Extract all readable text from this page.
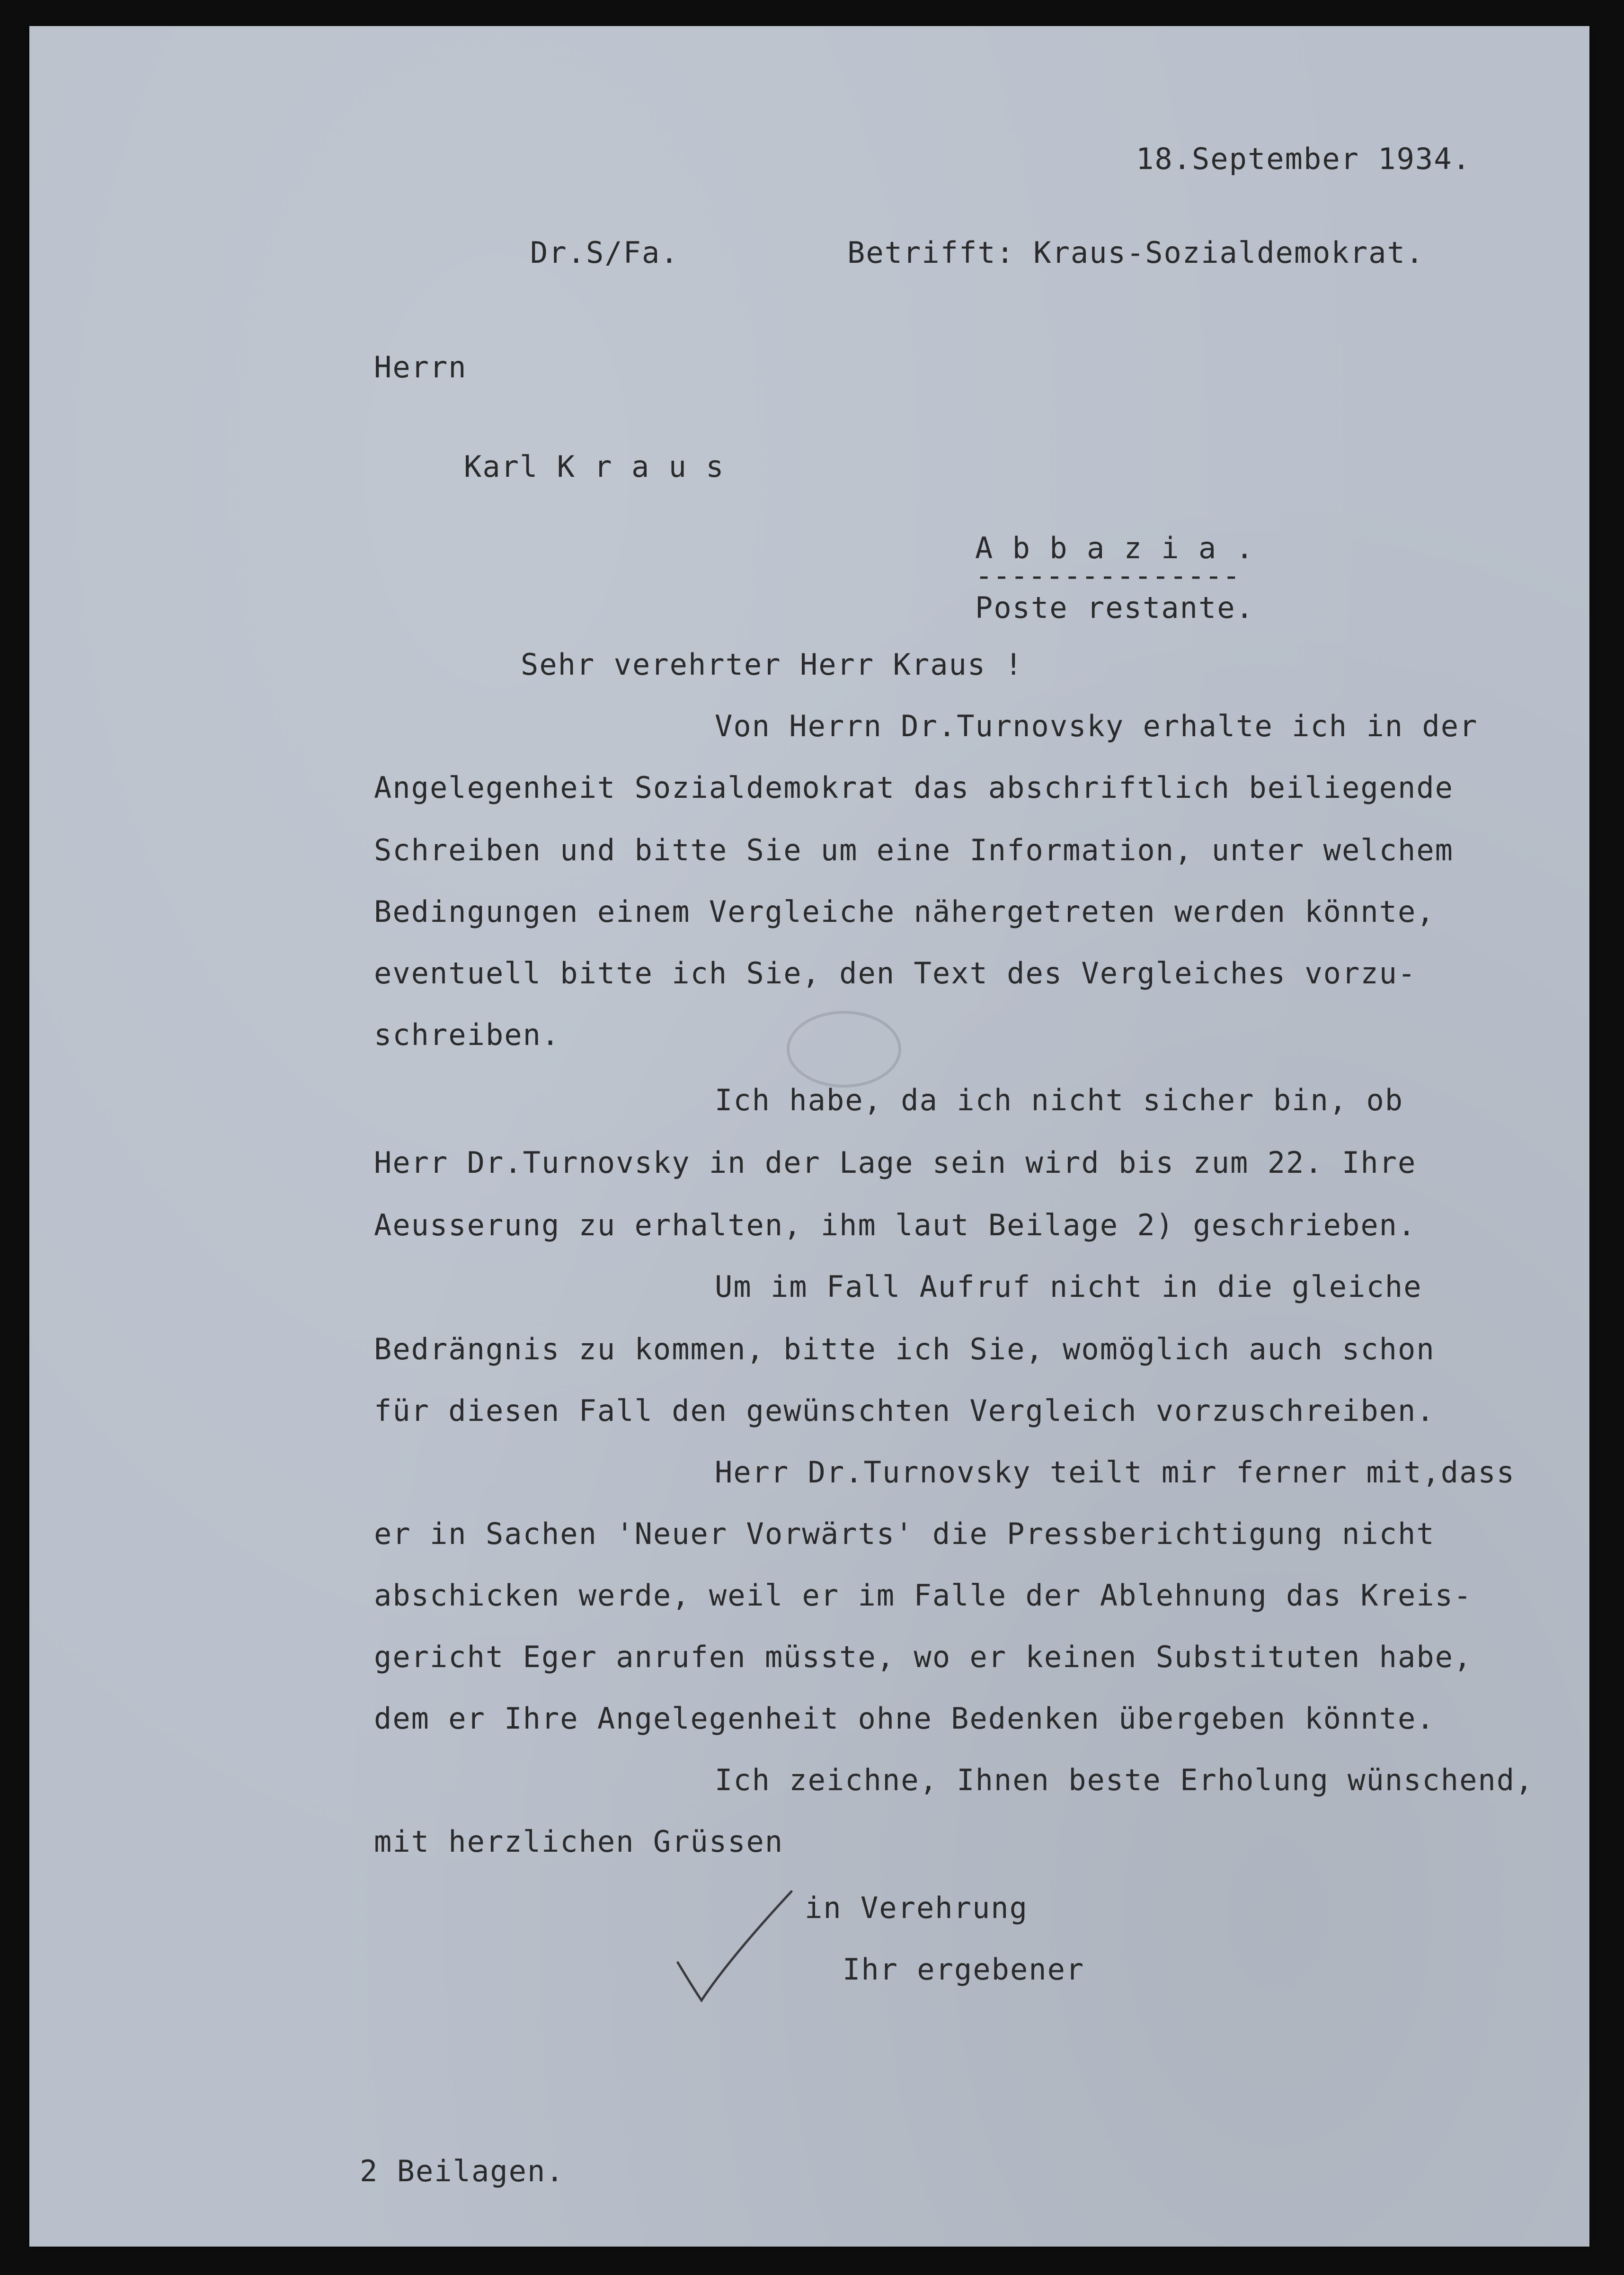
18.September 1934.

Dr.S/Fa.	Betrifft: Kraus-Sozialdemokrat.

Herrn

Karl K r a u s

A b b a z i a .

---------------

Poste restante.

Sehr verehrter Herr Kraus !

Von Herrn Dr.Turnovsky erhalte ich in der

Angelegenheit Sozialdemokrat das abschriftlich beiliegende

Schreiben und bitte Sie um eine Information, unter welchem

Bedingungen einem Vergleiche nähergetreten werden könnte,

eventuell bitte ich Sie, den Text des Vergleiches vorzu-

schreiben.

Ich habe, da ich nicht sicher bin, ob

Herr Dr.Turnovsky in der Lage sein wird bis zum 22. Ihre

Aeusserung zu erhalten, ihm laut Beilage 2) geschrieben.

Um im Fall Aufruf nicht in die gleiche

Bedrängnis zu kommen, bitte ich Sie, womöglich auch schon

für diesen Fall den gewünschten Vergleich vorzuschreiben.

Herr Dr.Turnovsky teilt mir ferner mit,dass

er in Sachen 'Neuer Vorwärts' die Pressberichtigung nicht

abschicken werde, weil er im Falle der Ablehnung das Kreis-

gericht Eger anrufen müsste, wo er keinen Substituten habe,

dem er Ihre Angelegenheit ohne Bedenken übergeben könnte.

Ich zeichne, Ihnen beste Erholung wünschend,

mit herzlichen Grüssen

in Verehrung

Ihr ergebener

2 Beilagen.
